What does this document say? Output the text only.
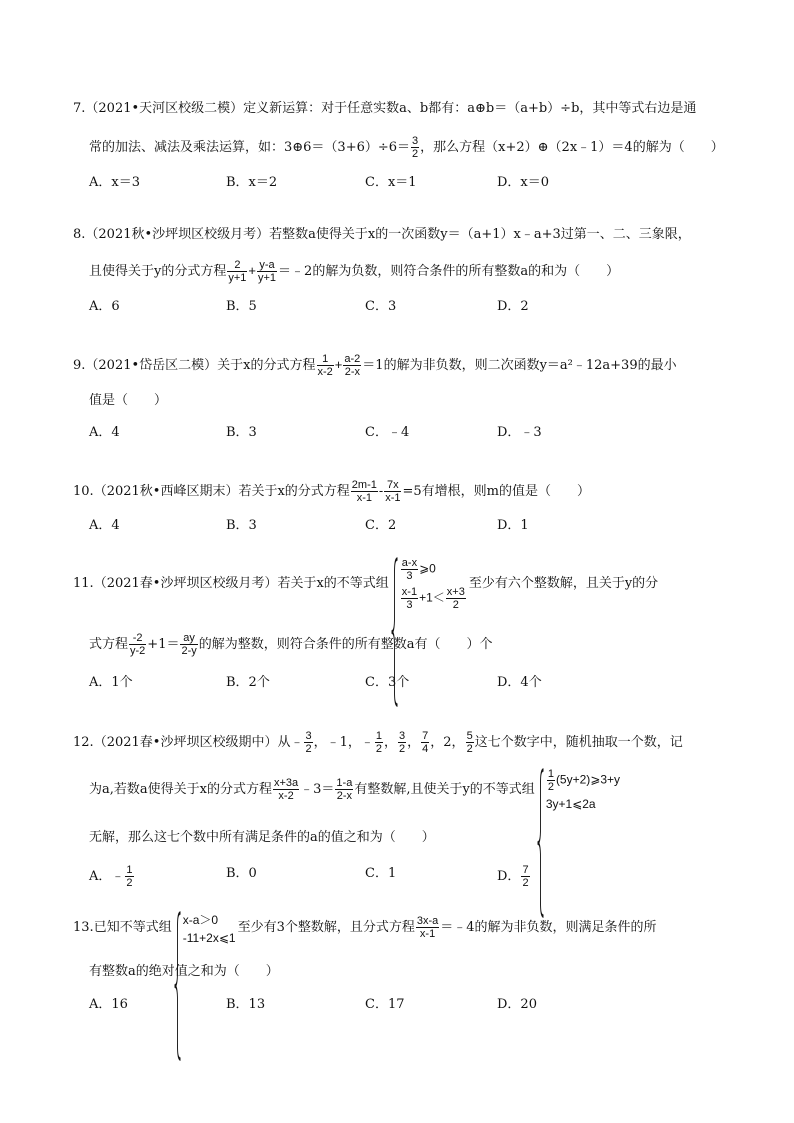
7.（2021•天河区校级二模）定义新运算：对于任意实数a、b都有：a⊕b＝（a+b）÷b，其中等式右边是通
常的加法、减法及乘法运算，如：3⊕6＝（3+6）÷6＝ $\frac{3}{2}$ ，那么方程（x+2）⊕（2x﹣1）＝4的解为（　　）
A．x＝3	B．x＝2	C．x＝1	D．x＝0
8.（2021秋•沙坪坝区校级月考）若整数a使得关于x的一次函数y＝（a+1）x﹣a+3过第一、二、三象限，
且使得关于y的分式方程 $\frac{2}{y+1} + \frac{y-a}{y+1}$ ＝﹣2的解为负数，则符合条件的所有整数a的和为（　　）
A．6	B．5	C．3	D．2
9.（2021•岱岳区二模）关于x的分式方程 $\frac{1}{x-2} + \frac{a-2}{2-x} =1$的解为非负数，则二次函数y＝a²﹣12a+39的最小
值是（　　）
A．4	B．3	C．﹣4	D．﹣3
10.（2021秋•西峰区期末）若关于x的分式方程 $\frac{2m-1}{x-1} - \frac{7x}{x-1} =5$有增根，则m的值是（　　）
A．4	B．3	C．2	D．1
11.（2021春•沙坪坝区校级月考）若关于x的不等式组
$\frac{a-x}{3}$ ⩾0
$\frac{x-1}{3} +1< \frac{x+3}{2}$
至少有六个整数解，且关于y的分
式方程 $\frac{-2}{y-2} +1= \frac{ay}{2-y}$ 的解为整数，则符合条件的所有整数a有（　　）个
A．1个	B．2个	C．3个	D．4个
12.（2021春•沙坪坝区校级期中）从﹣ $\frac{3}{2}$ ，﹣1，﹣ $\frac{1}{2}$ ， $\frac{3}{2}$ ， $\frac{7}{4}$ ，2， $\frac{5}{2}$ 这七个数字中，随机抽取一个数，记
为a,若数a使得关于x的分式方程 $\frac{x+3a}{x-2}$ ﹣3＝ $\frac{1-a}{2-x}$ 有整数解,且使关于y的不等式组 $\frac{1}{2}$ (5y+2)⩾3+y
3y+1⩽2a
无解，那么这七个数中所有满足条件的a的值之和为（　　）
A．﹣ $\frac{1}{2}$	B．0	C．1	D． $\frac{7}{2}$
13.已知不等式组
x-a＞0
-11+2x⩽1
至少有3个整数解，且分式方程 $\frac{3x-a}{x-1}$ ＝﹣4的解为非负数，则满足条件的所
有整数a的绝对值之和为（　　）
A．16	B．13	C．17	D．20
